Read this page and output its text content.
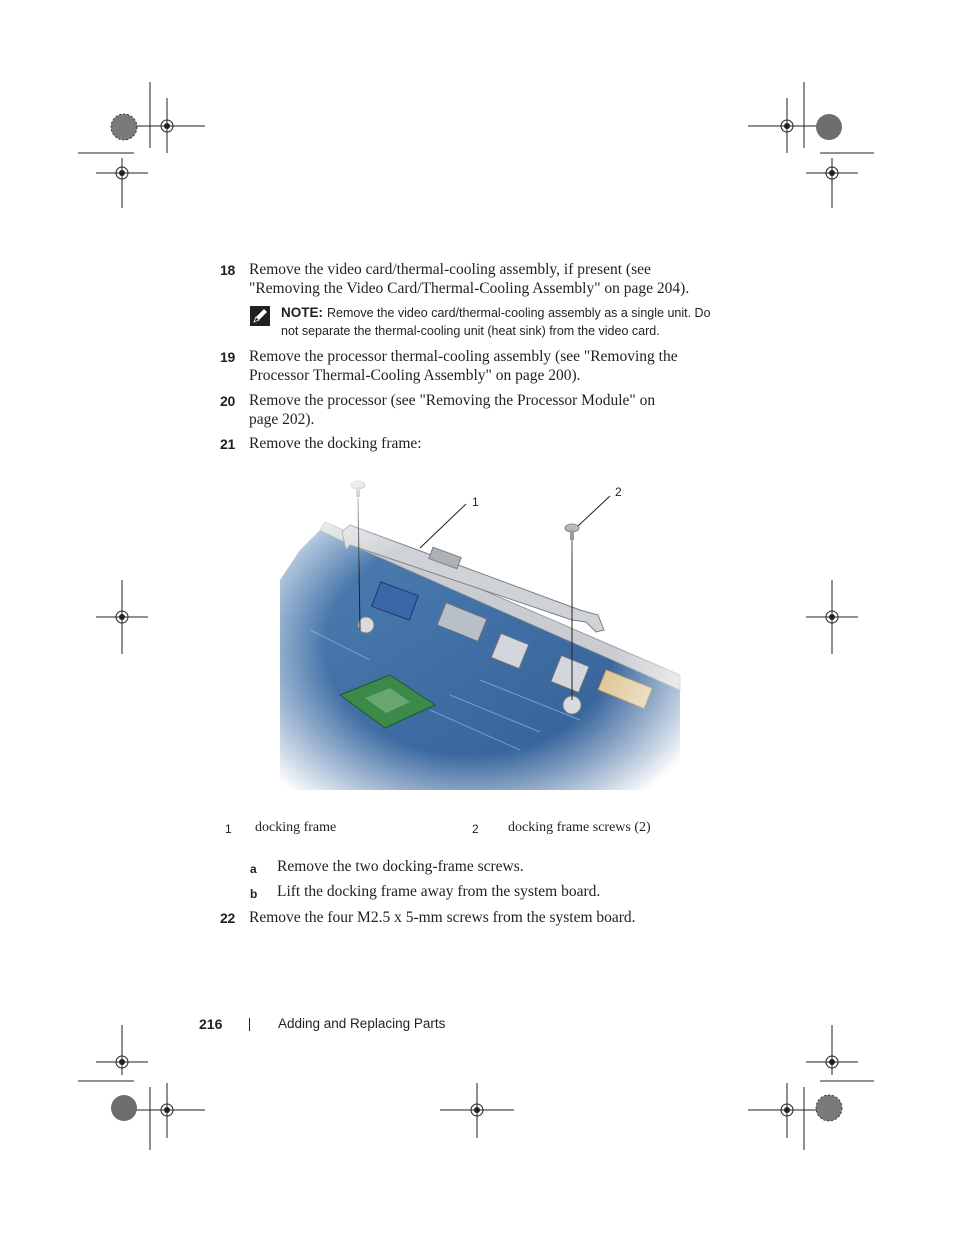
18 Remove the video card/thermal-cooling assembly, if present (see
"Removing the Video Card/Thermal-Cooling Assembly" on page 204).
NOTE: Remove the video card/thermal-cooling assembly as a single unit. Do
not separate the thermal-cooling unit (heat sink) from the video card.
19 Remove the processor thermal-cooling assembly (see "Removing the
Processor Thermal-Cooling Assembly" on page 200).
20 Remove the processor (see "Removing the Processor Module" on
page 202).
21 Remove the docking frame:
1
2
1 docking frame	2 docking frame screws (2)
a Remove the two docking-frame screws.
b Lift the docking frame away from the system board.
22 Remove the four M2.5 x 5-mm screws from the system board.
216	Adding and Replacing Parts
